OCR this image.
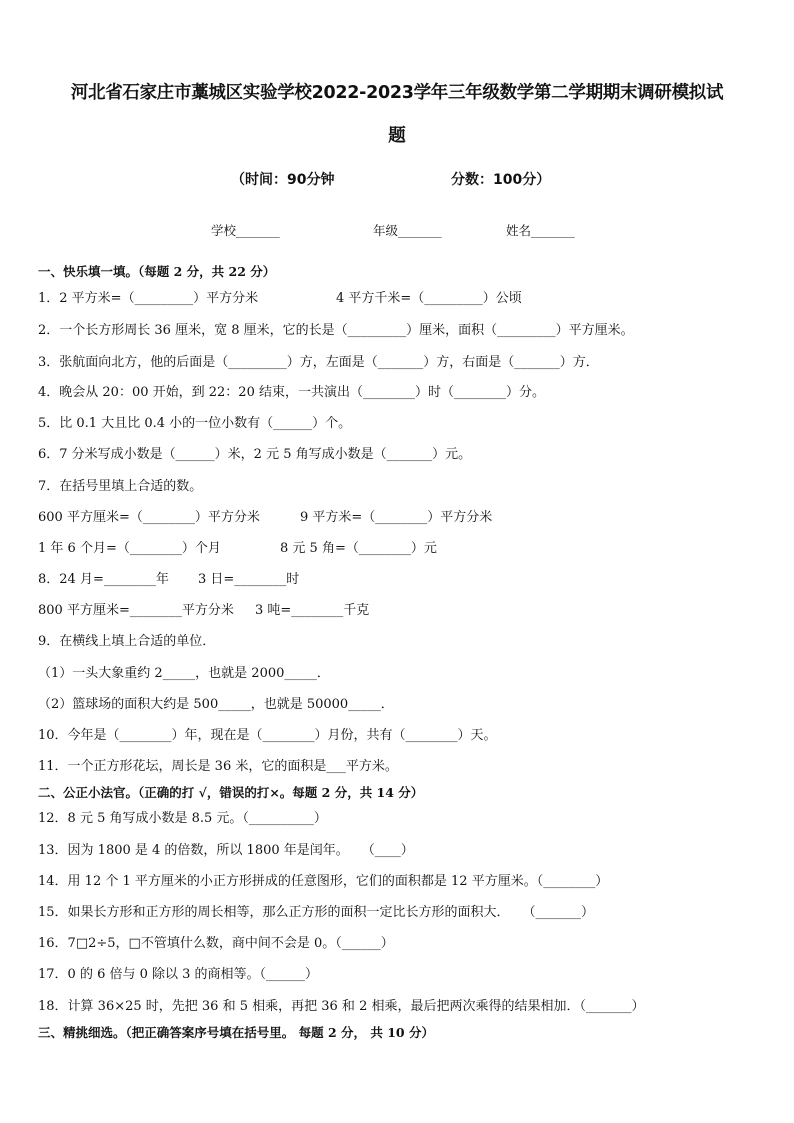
河北省石家庄市藁城区实验学校2022-2023学年三年级数学第二学期期末调研模拟试
题
（时间：90分钟	分数：100分）
学校_______	年级_______	姓名_______
一、快乐填一填。（每题 2 分，共 22 分）
1．2 平方米=（_________）平方分米	4 平方千米=（_________）公顷
2．一个长方形周长 36 厘米，宽 8 厘米，它的长是（_________）厘米，面积（_________）平方厘米。
3．张航面向北方，他的后面是（_________）方，左面是（_______）方，右面是（_______）方．
4．晚会从 20：00 开始，到 22：20 结束，一共演出（________）时（________）分。
5．比 0.1 大且比 0.4 小的一位小数有（______）个。
6．7 分米写成小数是（______）米，2 元 5 角写成小数是（_______）元。
7．在括号里填上合适的数。
600 平方厘米=（________）平方分米	9 平方米=（________）平方分米
1 年 6 个月=（________）个月	8 元 5 角=（________）元
8．24 月=________年 3 日=________时
800 平方厘米=________平方分米 3 吨=________千克
9．在横线上填上合适的单位．
（1）一头大象重约 2_____，也就是 2000_____．
（2）篮球场的面积大约是 500_____，也就是 50000_____．
10．今年是（________）年，现在是（________）月份，共有（________）天。
11．一个正方形花坛，周长是 36 米，它的面积是___平方米。
二、公正小法官。（正确的打 √，错误的打×。每题 2 分，共 14 分）
12．8 元 5 角写成小数是 8.5 元。（__________）
13．因为 1800 是 4 的倍数，所以 1800 年是闰年。　　（____）
14．用 12 个 1 平方厘米的小正方形拼成的任意图形，它们的面积都是 12 平方厘米。（________）
15．如果长方形和正方形的周长相等，那么正方形的面积一定比长方形的面积大．　　（_______）
16．7□2÷5，□不管填什么数，商中间不会是 0。（______）
17．0 的 6 倍与 0 除以 3 的商相等。（______）
18．计算 36×25 时，先把 36 和 5 相乘，再把 36 和 2 相乘，最后把两次乘得的结果相加．（_______）
三、精挑细选。（把正确答案序号填在括号里。 每题 2 分， 共 10 分）
